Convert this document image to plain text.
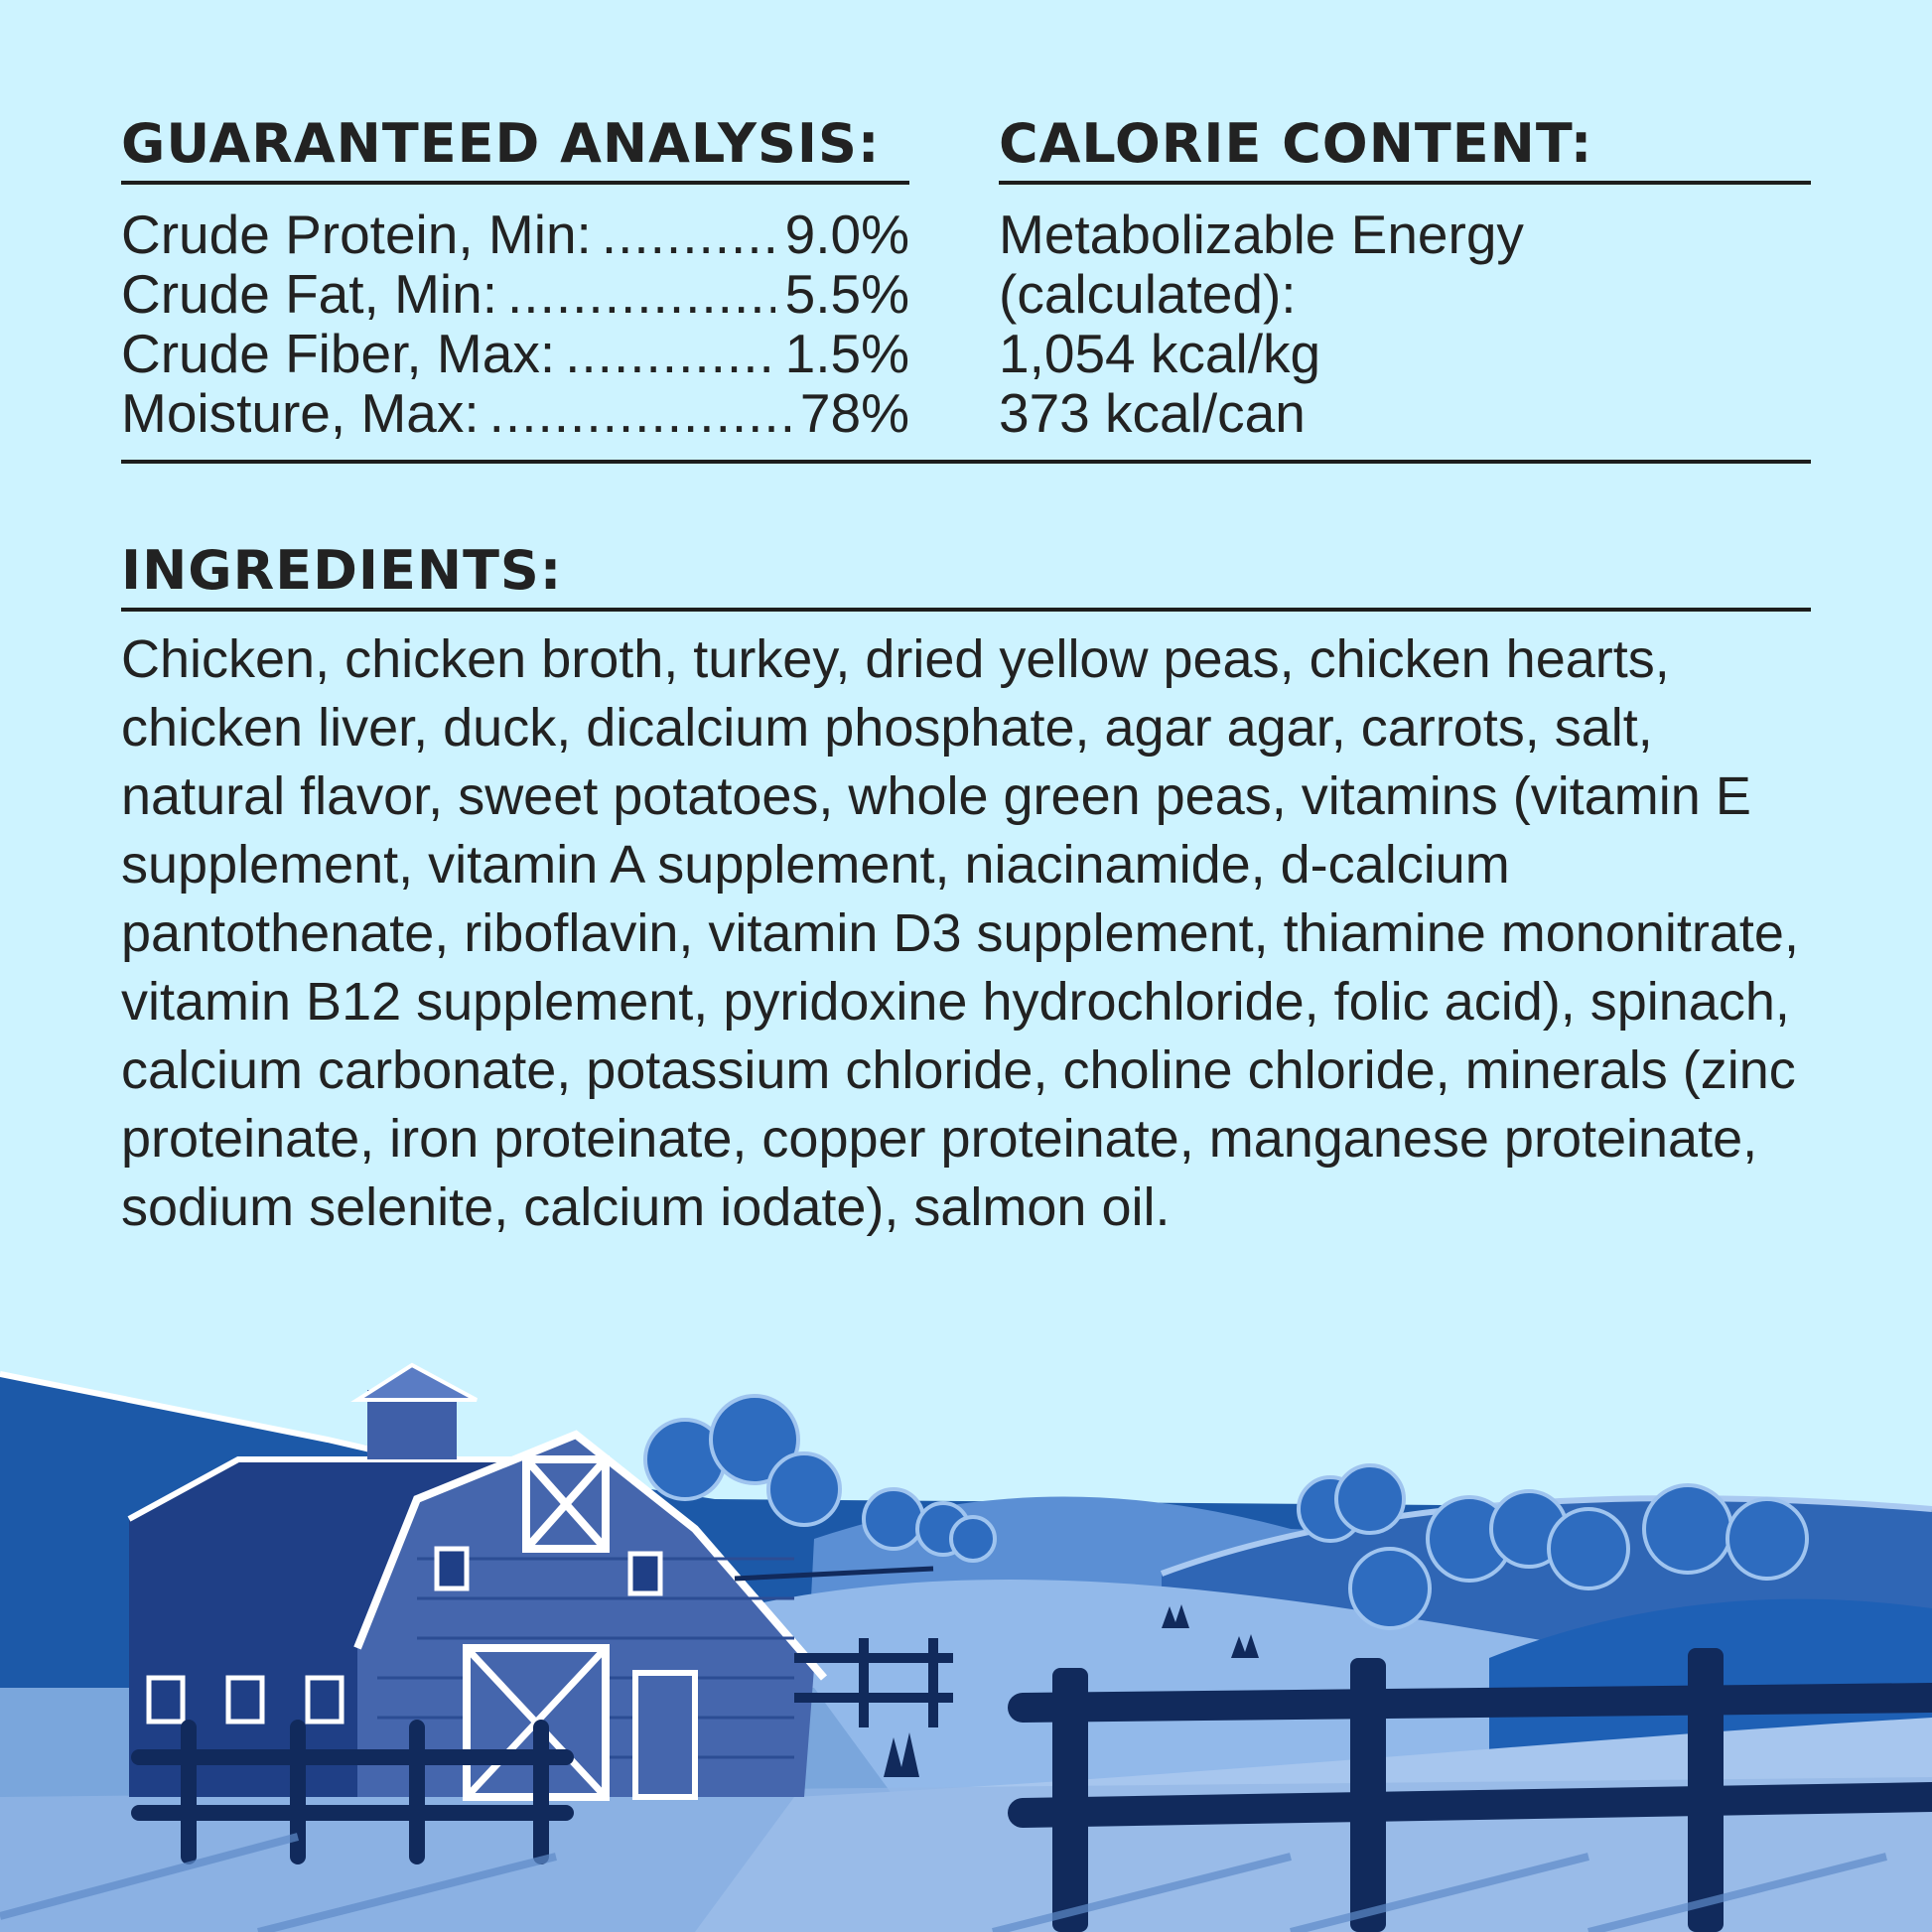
GUARANTEED ANALYSIS:
Crude Protein, Min: .....	9.0%
Crude Fat, Min: .....	5.5%
Crude Fiber, Max: .....	1.5%
Moisture, Max: .....	78%
CALORIE CONTENT:
Metabolizable Energy
(calculated):
1,054 kcal/kg
373 kcal/can
INGREDIENTS:

Chicken, chicken broth, turkey, dried yellow peas, chicken hearts, chicken liver, duck, dicalcium phosphate, agar agar, carrots, salt, natural flavor, sweet potatoes, whole green peas, vitamins (vitamin E supplement, vitamin A supplement, niacinamide, d-calcium pantothenate, riboflavin, vitamin D3 supplement, thiamine mononitrate, vitamin B12 supplement, pyridoxine hydrochloride, folic acid), spinach, calcium carbonate, potassium chloride, choline chloride, minerals (zinc proteinate, iron proteinate, copper proteinate, manganese proteinate, sodium selenite, calcium iodate), salmon oil.
